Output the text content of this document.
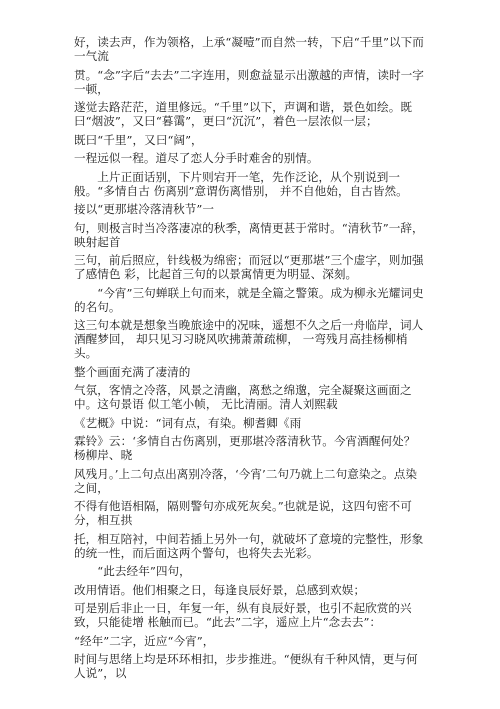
好，读去声，作为领格，上承“凝噎”而自然一转，下启“千里”以下而一气流
贯。“念”字后“去去”二字连用，则愈益显示出激越的声情，读时一字一顿，
遂觉去路茫茫，道里修远。“千里”以下，声调和谐，景色如绘。既曰“烟波”，又曰“暮霭”，更曰“沉沉”，着色一层浓似一层；
既曰“千里”，又曰“阔”，
一程远似一程。道尽了恋人分手时难舍的别情。
　　上片正面话别，下片则宕开一笔，先作泛论，从个别说到一般。“多情自古 伤离别”意谓伤离惜别， 并不自他始，自古皆然。
接以“更那堪冷落清秋节”一
句，则极言时当冷落凄凉的秋季，离情更甚于常时。“清秋节”一辞，映射起首
三句，前后照应，针线极为绵密；而冠以“更那堪”三个虚字，则加强了感情色 彩，比起首三句的以景寓情更为明显、深刻。
　　“今宵”三句蝉联上句而来，就是全篇之警策。成为柳永光耀词史的名句。
这三句本就是想象当晚旅途中的况味，遥想不久之后一舟临岸，词人酒醒梦回， 却只见习习晓风吹拂萧萧疏柳， 一弯残月高挂杨柳梢头。
整个画面充满了凄清的
气氛，客情之冷落，风景之清幽，离愁之绵邈，完全凝聚这画面之中。这句景语 似工笔小帧， 无比清丽。清人刘熙载
《艺概》中说：“词有点，有染。柳耆卿《雨
霖铃》云：‘多情自古伤离别，更那堪冷落清秋节。今宵酒醒何处？杨柳岸、晓
风残月。’上二句点出离别冷落，‘今宵’二句乃就上二句意染之。点染之间，
不得有他语相隔，隔则警句亦成死灰矣。”也就是说，这四句密不可分，相互拱
托，相互陪衬，中间若插上另外一句，就破坏了意境的完整性，形象的统一性，而后面这两个警句，也将失去光彩。
　　“此去经年”四句，
改用情语。他们相聚之日，每逢良辰好景，总感到欢娱；
可是别后非止一日，年复一年，纵有良辰好景，也引不起欣赏的兴致，只能徒增 枨触而已。“此去”二字，遥应上片“念去去”：
“经年”二字，近应“今宵”，
时间与思绪上均是环环相扣，步步推进。“便纵有千种风情，更与何人说”，以
